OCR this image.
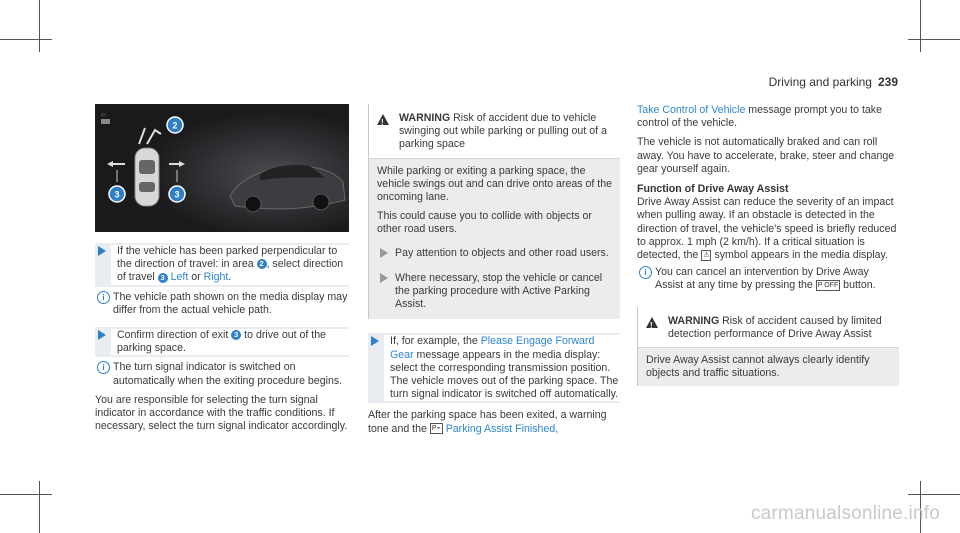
Driving and parking 239
▭
2
3	3
If the vehicle has been parked perpendicular to the direction of travel: in area 2 , select direction of travel 3 Left or Right.
i The vehicle path shown on the media display may differ from the actual vehicle path.
Confirm direction of exit 3 to drive out of the parking space.
i The turn signal indicator is switched on automatically when the exiting procedure begins.
You are responsible for selecting the turn signal indicator in accordance with the traffic conditions. If necessary, select the turn signal indicator accordingly.
!
WARNING Risk of accident due to vehicle swinging out while parking or pulling out of a parking space
While parking or exiting a parking space, the vehicle swings out and can drive onto areas of the oncoming lane.
This could cause you to collide with objects or other road users.
Pay attention to objects and other road users.
Where necessary, stop the vehicle or cancel the parking procedure with Active Parking Assist.
If, for example, the Please Engage Forward Gear message appears in the media display: select the corresponding transmission position.
The vehicle moves out of the parking space. The turn signal indicator is switched off automatically.
After the parking space has been exited, a warning tone and the P⌁ Parking Assist Finished,
Take Control of Vehicle message prompt you to take control of the vehicle.
The vehicle is not automatically braked and can roll away. You have to accelerate, brake, steer and change gear yourself again.
Function of Drive Away Assist
Drive Away Assist can reduce the severity of an impact when pulling away. If an obstacle is detected in the direction of travel, the vehicle's speed is briefly reduced to approx. 1 mph (2 km/h). If a critical situation is detected, the ⚠ symbol appears in the media display.
i You can cancel an intervention by Drive Away Assist at any time by pressing the P OFF button.
!
WARNING Risk of accident caused by limited detection performance of Drive Away Assist
Drive Away Assist cannot always clearly identify objects and traffic situations.
carmanualsonline.info
